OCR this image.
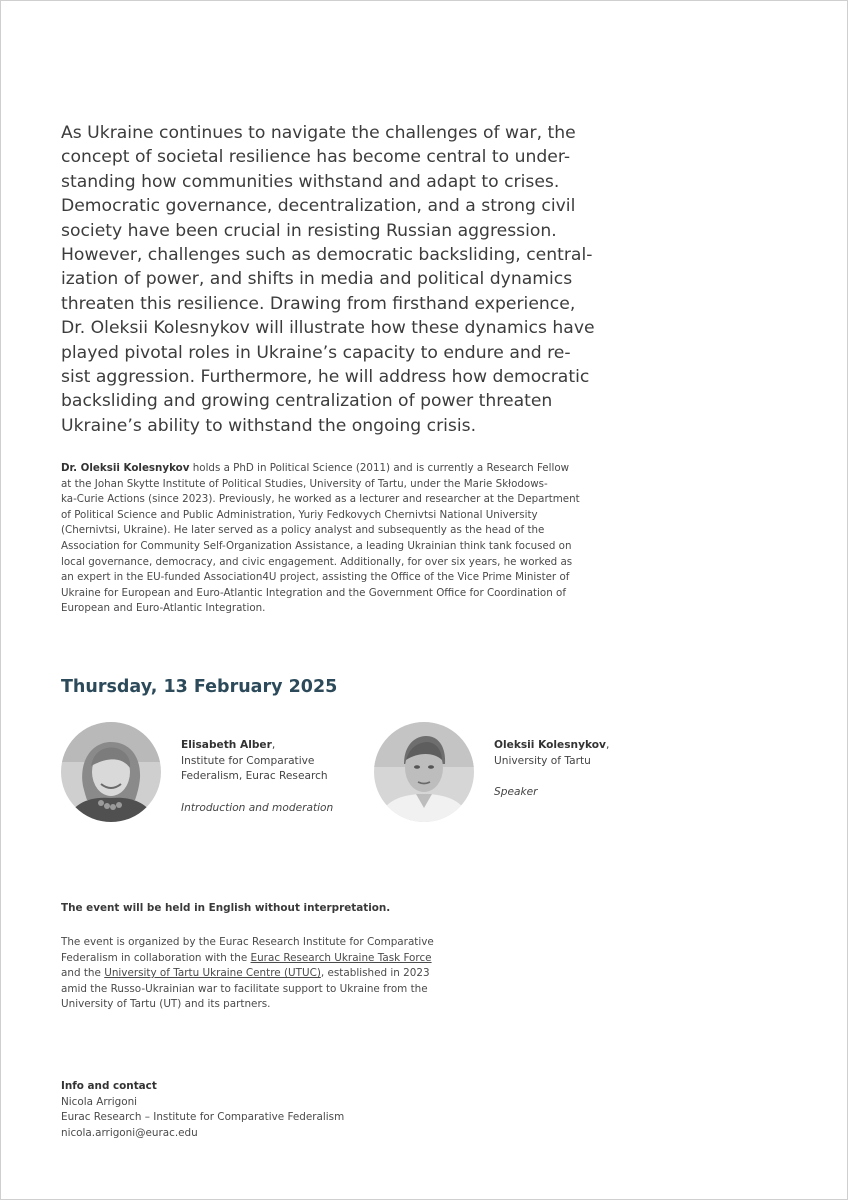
As Ukraine continues to navigate the challenges of war, the
concept of societal resilience has become central to under-
standing how communities withstand and adapt to crises.
Democratic governance, decentralization, and a strong civil
society have been crucial in resisting Russian aggression.
However, challenges such as democratic backsliding, central-
ization of power, and shifts in media and political dynamics
threaten this resilience. Drawing from firsthand experience,
Dr. Oleksii Kolesnykov will illustrate how these dynamics have
played pivotal roles in Ukraine’s capacity to endure and re-
sist aggression. Furthermore, he will address how democratic
backsliding and growing centralization of power threaten
Ukraine’s ability to withstand the ongoing crisis.
Dr. Oleksii Kolesnykov holds a PhD in Political Science (2011) and is currently a Research Fellow
at the Johan Skytte Institute of Political Studies, University of Tartu, under the Marie Skłodows-
ka-Curie Actions (since 2023). Previously, he worked as a lecturer and researcher at the Department
of Political Science and Public Administration, Yuriy Fedkovych Chernivtsi National University
(Chernivtsi, Ukraine). He later served as a policy analyst and subsequently as the head of the
Association for Community Self-Organization Assistance, a leading Ukrainian think tank focused on
local governance, democracy, and civic engagement. Additionally, for over six years, he worked as
an expert in the EU-funded Association4U project, assisting the Office of the Vice Prime Minister of
Ukraine for European and Euro-Atlantic Integration and the Government Office for Coordination of
European and Euro-Atlantic Integration.
Thursday, 13 February 2025
Elisabeth Alber,
Institute for Comparative
Federalism, Eurac Research
Introduction and moderation
Oleksii Kolesnykov,
University of Tartu
Speaker
The event will be held in English without interpretation.
The event is organized by the Eurac Research Institute for Comparative
Federalism in collaboration with the Eurac Research Ukraine Task Force
and the University of Tartu Ukraine Centre (UTUC), established in 2023
amid the Russo-Ukrainian war to facilitate support to Ukraine from the
University of Tartu (UT) and its partners.
Info and contact
Nicola Arrigoni
Eurac Research – Institute for Comparative Federalism
nicola.arrigoni@eurac.edu
